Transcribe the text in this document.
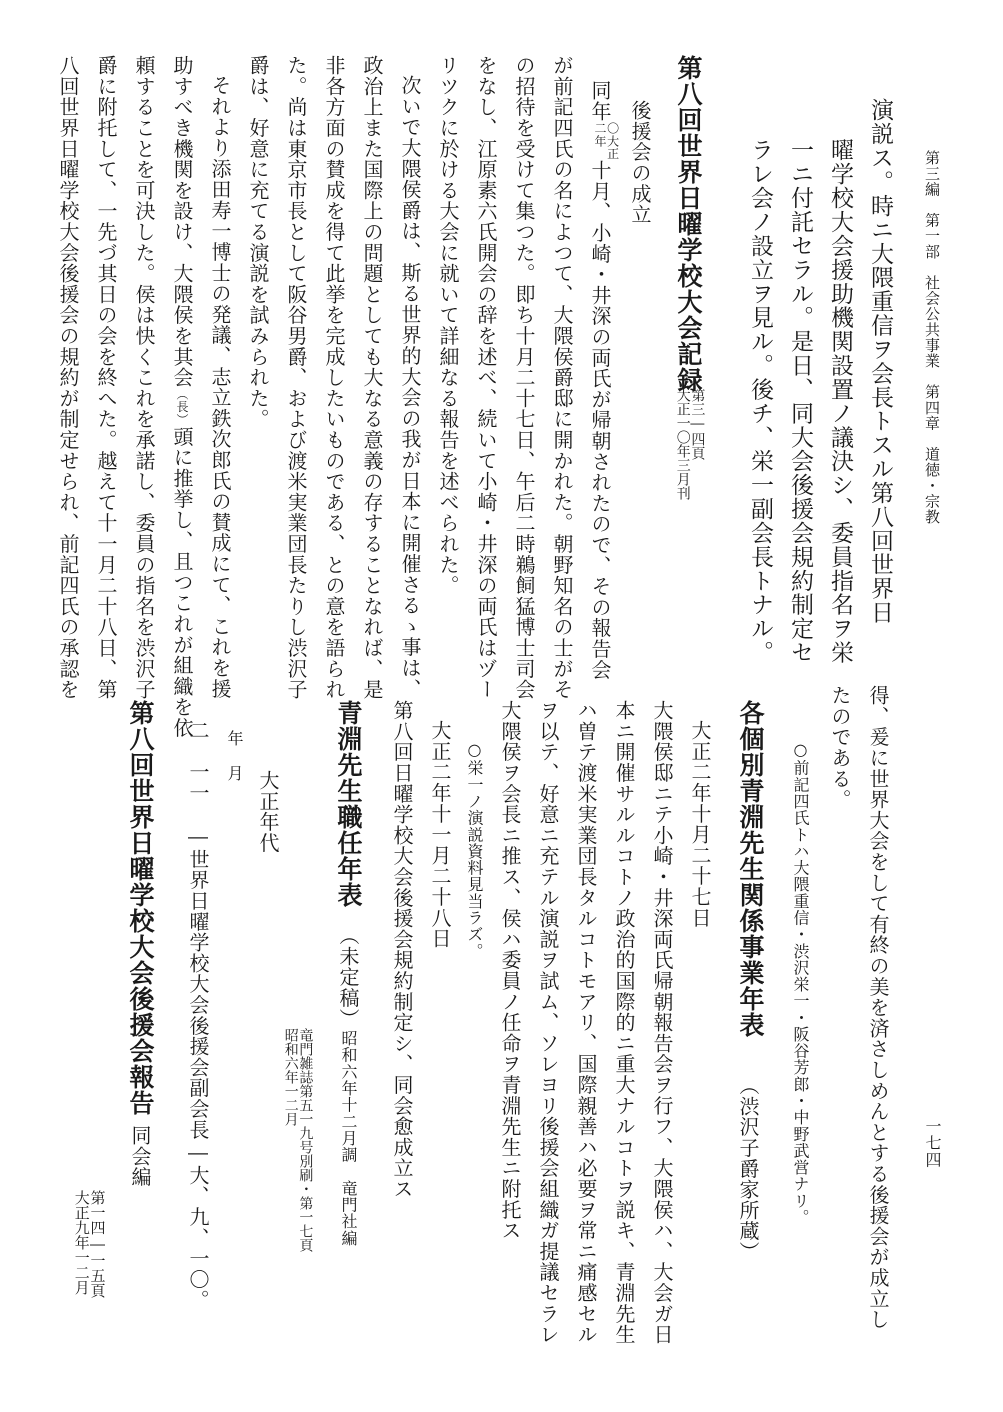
第三編　第一部　社会公共事業　第四章　道徳・宗教
一七四
演説ス。時ニ大隈重信ヲ会長トスル第八回世界日
曜学校大会援助機関設置ノ議決シ、委員指名ヲ栄
一ニ付託セラル。是日、同大会後援会規約制定セ
ラレ会ノ設立ヲ見ル。後チ、栄一副会長トナル。
第八回世界日曜学校大会記録
第三―四頁
大正一〇年三月刊
後援会の成立
同年〇大正
二年十月、小崎・井深の両氏が帰朝されたので、その報告会
が前記四氏の名によつて、大隈侯爵邸に開かれた。朝野知名の士がそ
の招待を受けて集つた。即ち十月二十七日、午后二時鵜飼猛博士司会
をなし、江原素六氏開会の辞を述べ、続いて小崎・井深の両氏はヅー
リツクに於ける大会に就いて詳細なる報告を述べられた。
次いで大隈侯爵は、斯る世界的大会の我が日本に開催さるゝ事は、
政治上また国際上の問題としても大なる意義の存することなれば、是
非各方面の賛成を得て此挙を完成したいものである、との意を語られ
た。尚は東京市長として阪谷男爵、および渡米実業団長たりし渋沢子
爵は、好意に充てる演説を試みられた。
それより添田寿一博士の発議、志立鉄次郎氏の賛成にて、これを援
助すべき機関を設け、大隈侯を其会（長）頭に推挙し、且つこれが組織を依
頼することを可決した。侯は快くこれを承諾し、委員の指名を渋沢子
爵に附托して、一先づ其日の会を終へた。越えて十一月二十八日、第
八回世界日曜学校大会後援会の規約が制定せられ、前記四氏の承認を
得、爰に世界大会をして有終の美を済さしめんとする後援会が成立し
たのである。
○前記四氏トハ大隈重信・渋沢栄一・阪谷芳郎・中野武営ナリ。
各個別青淵先生関係事業年表
（渋沢子爵家所蔵）
大正二年十月二十七日
大隈侯邸ニテ小崎・井深両氏帰朝報告会ヲ行フ、大隈侯ハ、大会ガ日
本ニ開催サルルコトノ政治的国際的ニ重大ナルコトヲ説キ、青淵先生
ハ曽テ渡米実業団長タルコトモアリ、国際親善ハ必要ヲ常ニ痛感セル
ヲ以テ、好意ニ充テル演説ヲ試ム、ソレヨリ後援会組織ガ提議セラレ
大隈侯ヲ会長ニ推ス、侯ハ委員ノ任命ヲ青淵先生ニ附托ス
○栄一ノ演説資料見当ラズ。
大正二年十一月二十八日
第八回日曜学校大会後援会規約制定シ、同会愈成立ス
青淵先生職任年表
（未定稿）
昭和六年十二月調　竜門社編
竜門雑誌第五一九号別刷・第一七頁
昭和六年一二月
大正年代
年
月
二　一一　―世界日曜学校大会後援会副会長―大、九、一〇。
第八回世界日曜学校大会後援会報告
同会編
第一四―一五頁
大正九年一二月
